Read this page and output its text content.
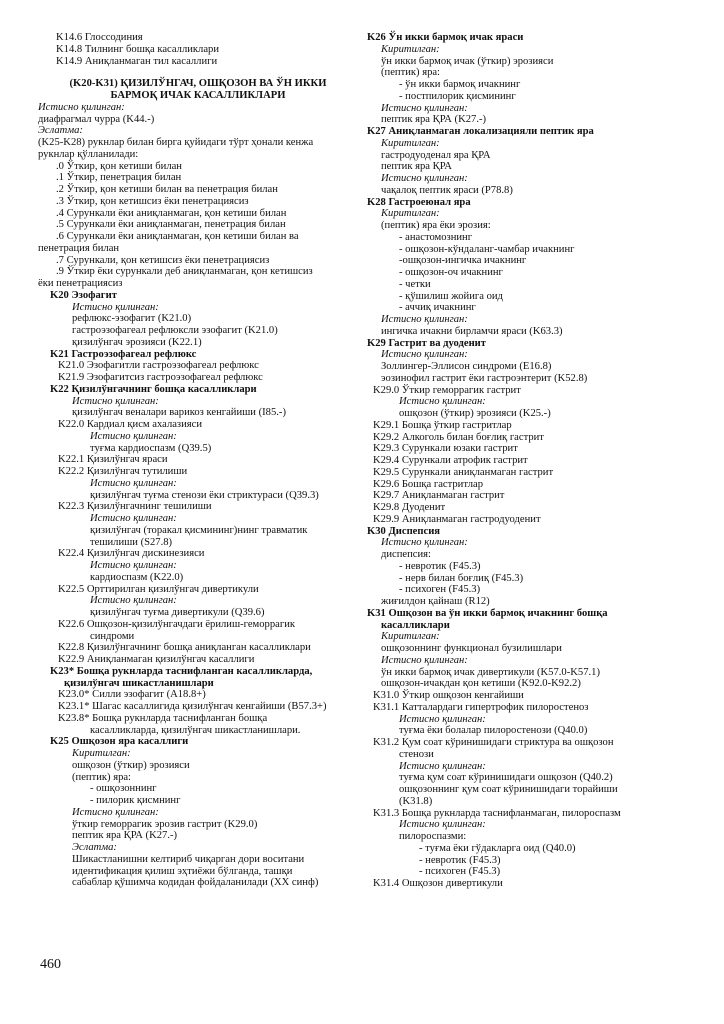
K14.6 Глоссодиния
K14.8 Тилнинг бошқа касалликлари
K14.9 Аниқланмаган тил касаллиги
(K20-K31) ҚИЗИЛЎНГАЧ, ОШҚОЗОН ВА ЎН ИККИ
БАРМОҚ ИЧАК КАСАЛЛИКЛАРИ
Истисно қилинган:
диафрагмал чурра (K44.-)
Эслатма:
(K25-K28) рукнлар билан бирга қуйидаги тўрт ҳонали кенжа
рукнлар қўлланилади:
.0 Ўткир, қон кетиши билан
.1 Ўткир, пенетрация билан
.2 Ўткир, қон кетиши билан ва пенетрация билан
.3 Ўткир, қон кетишсиз ёки пенетрациясиз
.4 Сурункали ёки аниқланмаган, қон кетиши билан
.5 Сурункали ёки аниқланмаган, пенетрация билан
.6 Сурункали ёки аниқланмаган, қон кетиши билан ва
пенетрация билан
.7 Сурункали, қон кетишсиз ёки пенетрациясиз
.9 Ўткир ёки сурункали деб аниқланмаган, қон кетишсиз
ёки пенетрациясиз
K20 Эзофагит
Истисно қилинган:
рефлюкс-эзофагит (K21.0)
гастроэзофагеал рефлюксли эзофагит (K21.0)
қизилўнгач эрозияси (K22.1)
K21 Гастроэзофагеал рефлюкс
K21.0 Эзофагитли гастроэзофагеал рефлюкс
K21.9 Эзофагитсиз гастроэзофагеал рефлюкс
K22 Қизилўнгачнинг бошқа касалликлари
Истисно қилинган:
қизилўнгач веналари варикоз кенгайиши (I85.-)
K22.0 Кардиал қисм ахалазияси
Истисно қилинган:
туғма кардиоспазм (Q39.5)
K22.1 Қизилўнгач яраси
K22.2 Қизилўнгач тутилиши
Истисно қилинган:
қизилўнгач туғма стенози ёки стриктураси (Q39.3)
K22.3 Қизилўнгачнинг тешилиши
Истисно қилинган:
қизилўнгач (торакал қисмининг)нинг травматик
тешилиши (S27.8)
K22.4 Қизилўнгач дискинезияси
Истисно қилинган:
кардиоспазм (K22.0)
K22.5 Орттирилган қизилўнгач дивертикули
Истисно қилинган:
қизилўнгач туғма дивертикули (Q39.6)
K22.6 Ошқозон-қизилўнгачдаги ёрилиш-геморрагик
синдроми
K22.8 Қизилўнгачнинг бошқа аниқланган касалликлари
K22.9 Аниқланмаган қизилўнгач касаллиги
K23* Бошқа рукнларда таснифланган касалликларда,
қизилўнгач шикастланишлари
K23.0* Силли эзофагит (A18.8+)
K23.1* Шагас касаллигида қизилўнгач кенгайиши (B57.3+)
K23.8* Бошқа рукнларда таснифланган бошқа
касалликларда, қизилўнгач шикастланишлари.
K25 Ошқозон яра касаллиги
Киритилган:
ошқозон (ўткир) эрозияси
(пептик) яра:
- ошқозоннинг
- пилорик қисмнинг
Истисно қилинган:
ўткир геморрагик эрозив гастрит (K29.0)
пептик яра ҚРА (K27.-)
Эслатма:
Шикастланишни келтириб чиқарган дори воситани
идентификация қилиш эҳтиёжи бўлганда, ташқи
сабаблар қўшимча кодидан фойдаланилади (XX синф)
K26 Ўн икки бармоқ ичак яраси
Киритилган:
ўн икки бармоқ ичак (ўткир) эрозияси
(пептик) яра:
- ўн икки бармоқ ичакнинг
- постпилорик қисмининг
Истисно қилинган:
пептик яра ҚРА (K27.-)
K27 Аниқланмаган локализацияли пептик яра
Киритилган:
гастродуоденал яра ҚРА
пептик яра ҚРА
Истисно қилинган:
чақалоқ пептик яраси (P78.8)
K28 Гастроеюнал яра
Киритилган:
(пептик) яра ёки эрозия:
- анастомознинг
- ошқозон-кўндаланг-чамбар ичакнинг
-ошқозон-ингичка ичакнинг
- ошқозон-оч ичакнинг
- четки
- қўшилиш жойига оид
- аччиқ ичакнинг
Истисно қилинган:
ингичка ичакни бирламчи яраси (K63.3)
K29 Гастрит ва дуоденит
Истисно қилинган:
Золлингер-Эллисон синдроми (E16.8)
эозинофил гастрит ёки гастроэнтерит (K52.8)
K29.0 Ўткир геморрагик гастрит
Истисно қилинган:
ошқозон (ўткир) эрозияси (K25.-)
K29.1 Бошқа ўткир гастритлар
K29.2 Алкоголь билан боғлиқ гастрит
K29.3 Сурункали юзаки гастрит
K29.4 Сурункали атрофик гастрит
K29.5 Сурункали аниқланмаган гастрит
K29.6 Бошқа гастритлар
K29.7 Аниқланмаган гастрит
K29.8 Дуоденит
K29.9 Аниқланмаган гастродуоденит
K30 Диспепсия
Истисно қилинган:
диспепсия:
- невротик (F45.3)
- нерв билан боғлиқ (F45.3)
- психоген (F45.3)
жиғилдон қайнаш (R12)
K31 Ошқозон ва ўн икки бармоқ ичакнинг бошқа
касалликлари
Киритилган:
ошқозоннинг функционал бузилишлари
Истисно қилинган:
ўн икки бармоқ ичак дивертикули (K57.0-K57.1)
ошқозон-ичакдан қон кетиши (K92.0-K92.2)
K31.0 Ўткир ошқозон кенгайиши
K31.1 Катталардаги гипертрофик пилоростеноз
Истисно қилинган:
туғма ёки болалар пилоростенози (Q40.0)
K31.2 Қум соат кўринишидаги стриктура ва ошқозон
стенози
Истисно қилинган:
туғма қум соат кўринишидаги ошқозон (Q40.2)
ошқозоннинг қум соат кўринишидаги торайиши
(K31.8)
K31.3 Бошқа рукнларда таснифланмаган, пилороспазм
Истисно қилинган:
пилороспазми:
- туғма ёки гўдакларга оид (Q40.0)
- невротик (F45.3)
- психоген (F45.3)
K31.4 Ошқозон дивертикули
460
